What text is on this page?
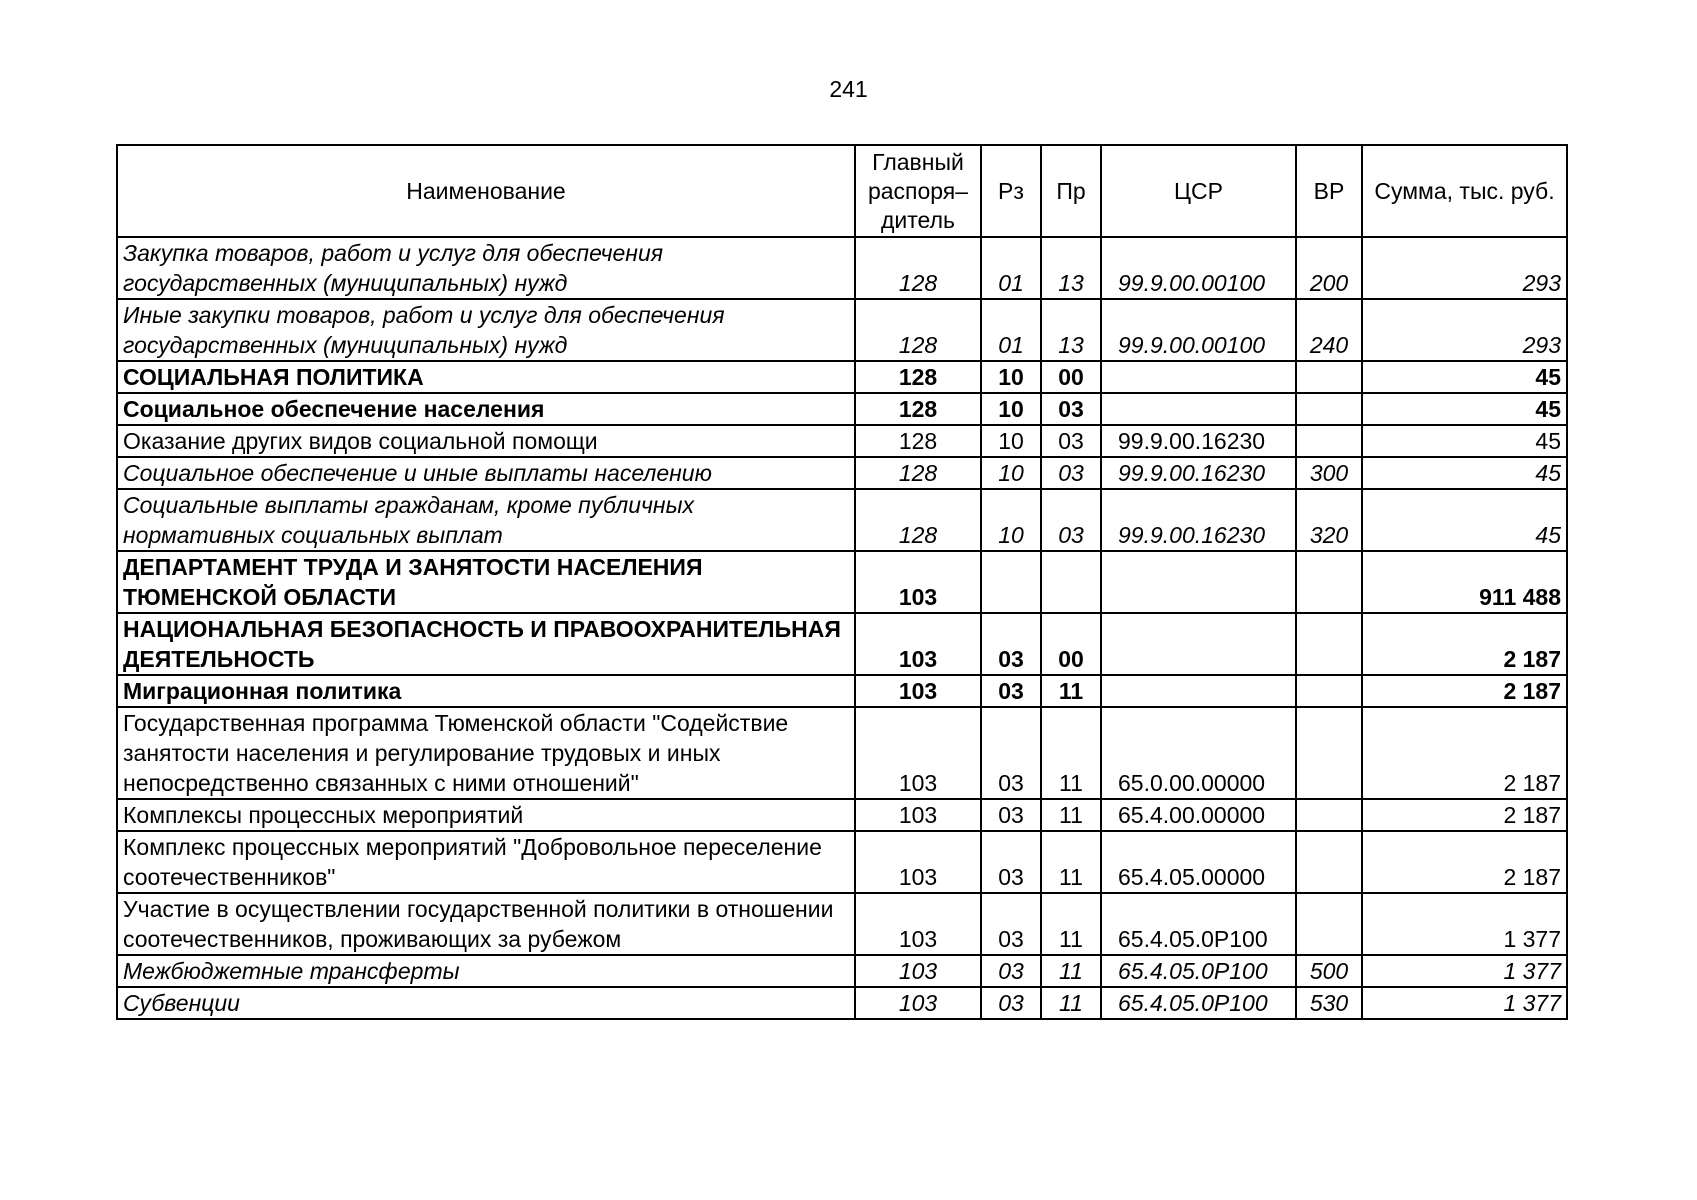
241
Наименование	Главный распоря– дитель	Рз	Пр	ЦСР	ВР	Сумма, тыс. руб.
Закупка товаров, работ и услуг для обеспечения государственных (муниципальных) нужд	128	01	13	99.9.00.00100	200	293
Иные закупки товаров, работ и услуг для обеспечения государственных (муниципальных) нужд	128	01	13	99.9.00.00100	240	293
СОЦИАЛЬНАЯ ПОЛИТИКА	128	10	00			45
Социальное обеспечение населения	128	10	03			45
Оказание других видов социальной помощи	128	10	03	99.9.00.16230		45
Социальное обеспечение и иные выплаты населению	128	10	03	99.9.00.16230	300	45
Социальные выплаты гражданам, кроме публичных нормативных социальных выплат	128	10	03	99.9.00.16230	320	45
ДЕПАРТАМЕНТ ТРУДА И ЗАНЯТОСТИ НАСЕЛЕНИЯ ТЮМЕНСКОЙ ОБЛАСТИ	103					911 488
НАЦИОНАЛЬНАЯ БЕЗОПАСНОСТЬ И ПРАВООХРАНИТЕЛЬНАЯ ДЕЯТЕЛЬНОСТЬ	103	03	00			2 187
Миграционная политика	103	03	11			2 187
Государственная программа Тюменской области "Содействие занятости населения и регулирование трудовых и иных непосредственно связанных с ними отношений"	103	03	11	65.0.00.00000		2 187
Комплексы процессных мероприятий	103	03	11	65.4.00.00000		2 187
Комплекс процессных мероприятий "Добровольное переселение соотечественников"	103	03	11	65.4.05.00000		2 187
Участие в осуществлении государственной политики в отношении соотечественников, проживающих за рубежом	103	03	11	65.4.05.0Р100		1 377
Межбюджетные трансферты	103	03	11	65.4.05.0Р100	500	1 377
Субвенции	103	03	11	65.4.05.0Р100	530	1 377
